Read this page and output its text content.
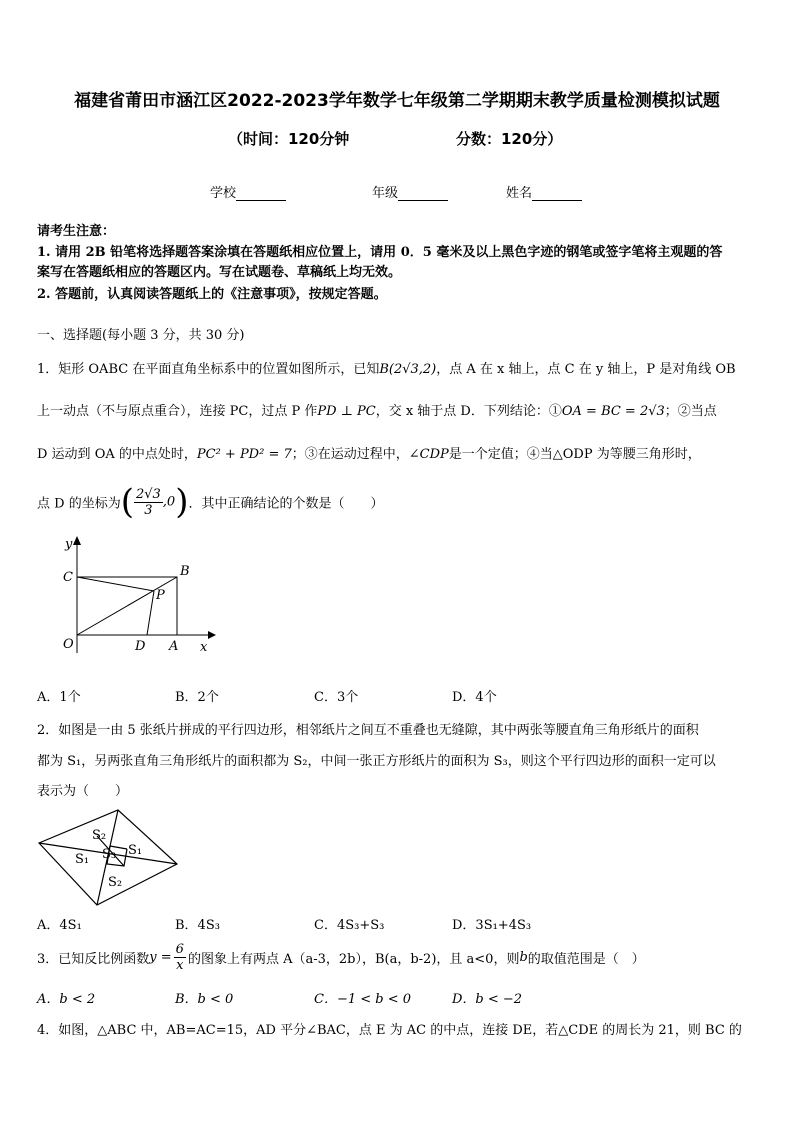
福建省莆田市涵江区2022-2023学年数学七年级第二学期期末教学质量检测模拟试题
（时间：120分钟	分数：120分）
学校	年级	姓名
请考生注意：
1. 请用 2B 铅笔将选择题答案涂填在答题纸相应位置上，请用 0．5 毫米及以上黑色字迹的钢笔或签字笔将主观题的答
案写在答题纸相应的答题区内。写在试题卷、草稿纸上均无效。
2. 答题前，认真阅读答题纸上的《注意事项》，按规定答题。
一、选择题(每小题 3 分，共 30 分)
1．矩形 OABC 在平面直角坐标系中的位置如图所示，已知B(2√3,2)，点 A 在 x 轴上，点 C 在 y 轴上，P 是对角线 OB
上一动点（不与原点重合），连接 PC，过点 P 作PD ⊥ PC，交 x 轴于点 D．下列结论：①OA = BC = 2√3；②当点
D 运动到 OA 的中点处时，PC² + PD² = 7；③在运动过程中，∠CDP是一个定值；④当△ODP 为等腰三角形时，
点 D 的坐标为( $\frac{2√3}{3} ,0$)．其中正确结论的个数是（　　）
y
C	B
P
O	D A x
A．1个	B．2个	C．3个	D．4个
2．如图是一由 5 张纸片拼成的平行四边形，相邻纸片之间互不重叠也无缝隙，其中两张等腰直角三角形纸片的面积
都为 S₁，另两张直角三角形纸片的面积都为 S₂，中间一张正方形纸片的面积为 S₃，则这个平行四边形的面积一定可以
表示为（　　）
S₂
S₁ S₃ S₁
S₂
A．4S₁	B．4S₃	C．4S₃+S₃	D．3S₁+4S₃
3．已知反比例函数$y = \frac{6}{x}$ 的图象上有两点 A（a-3，2b），B(a，b-2)，且 a<0，则b的取值范围是（　）
A．b < 2	B．b < 0	C．−1 < b < 0	D．b < −2
4．如图，△ABC 中，AB=AC=15，AD 平分∠BAC，点 E 为 AC 的中点，连接 DE，若△CDE 的周长为 21，则 BC 的
